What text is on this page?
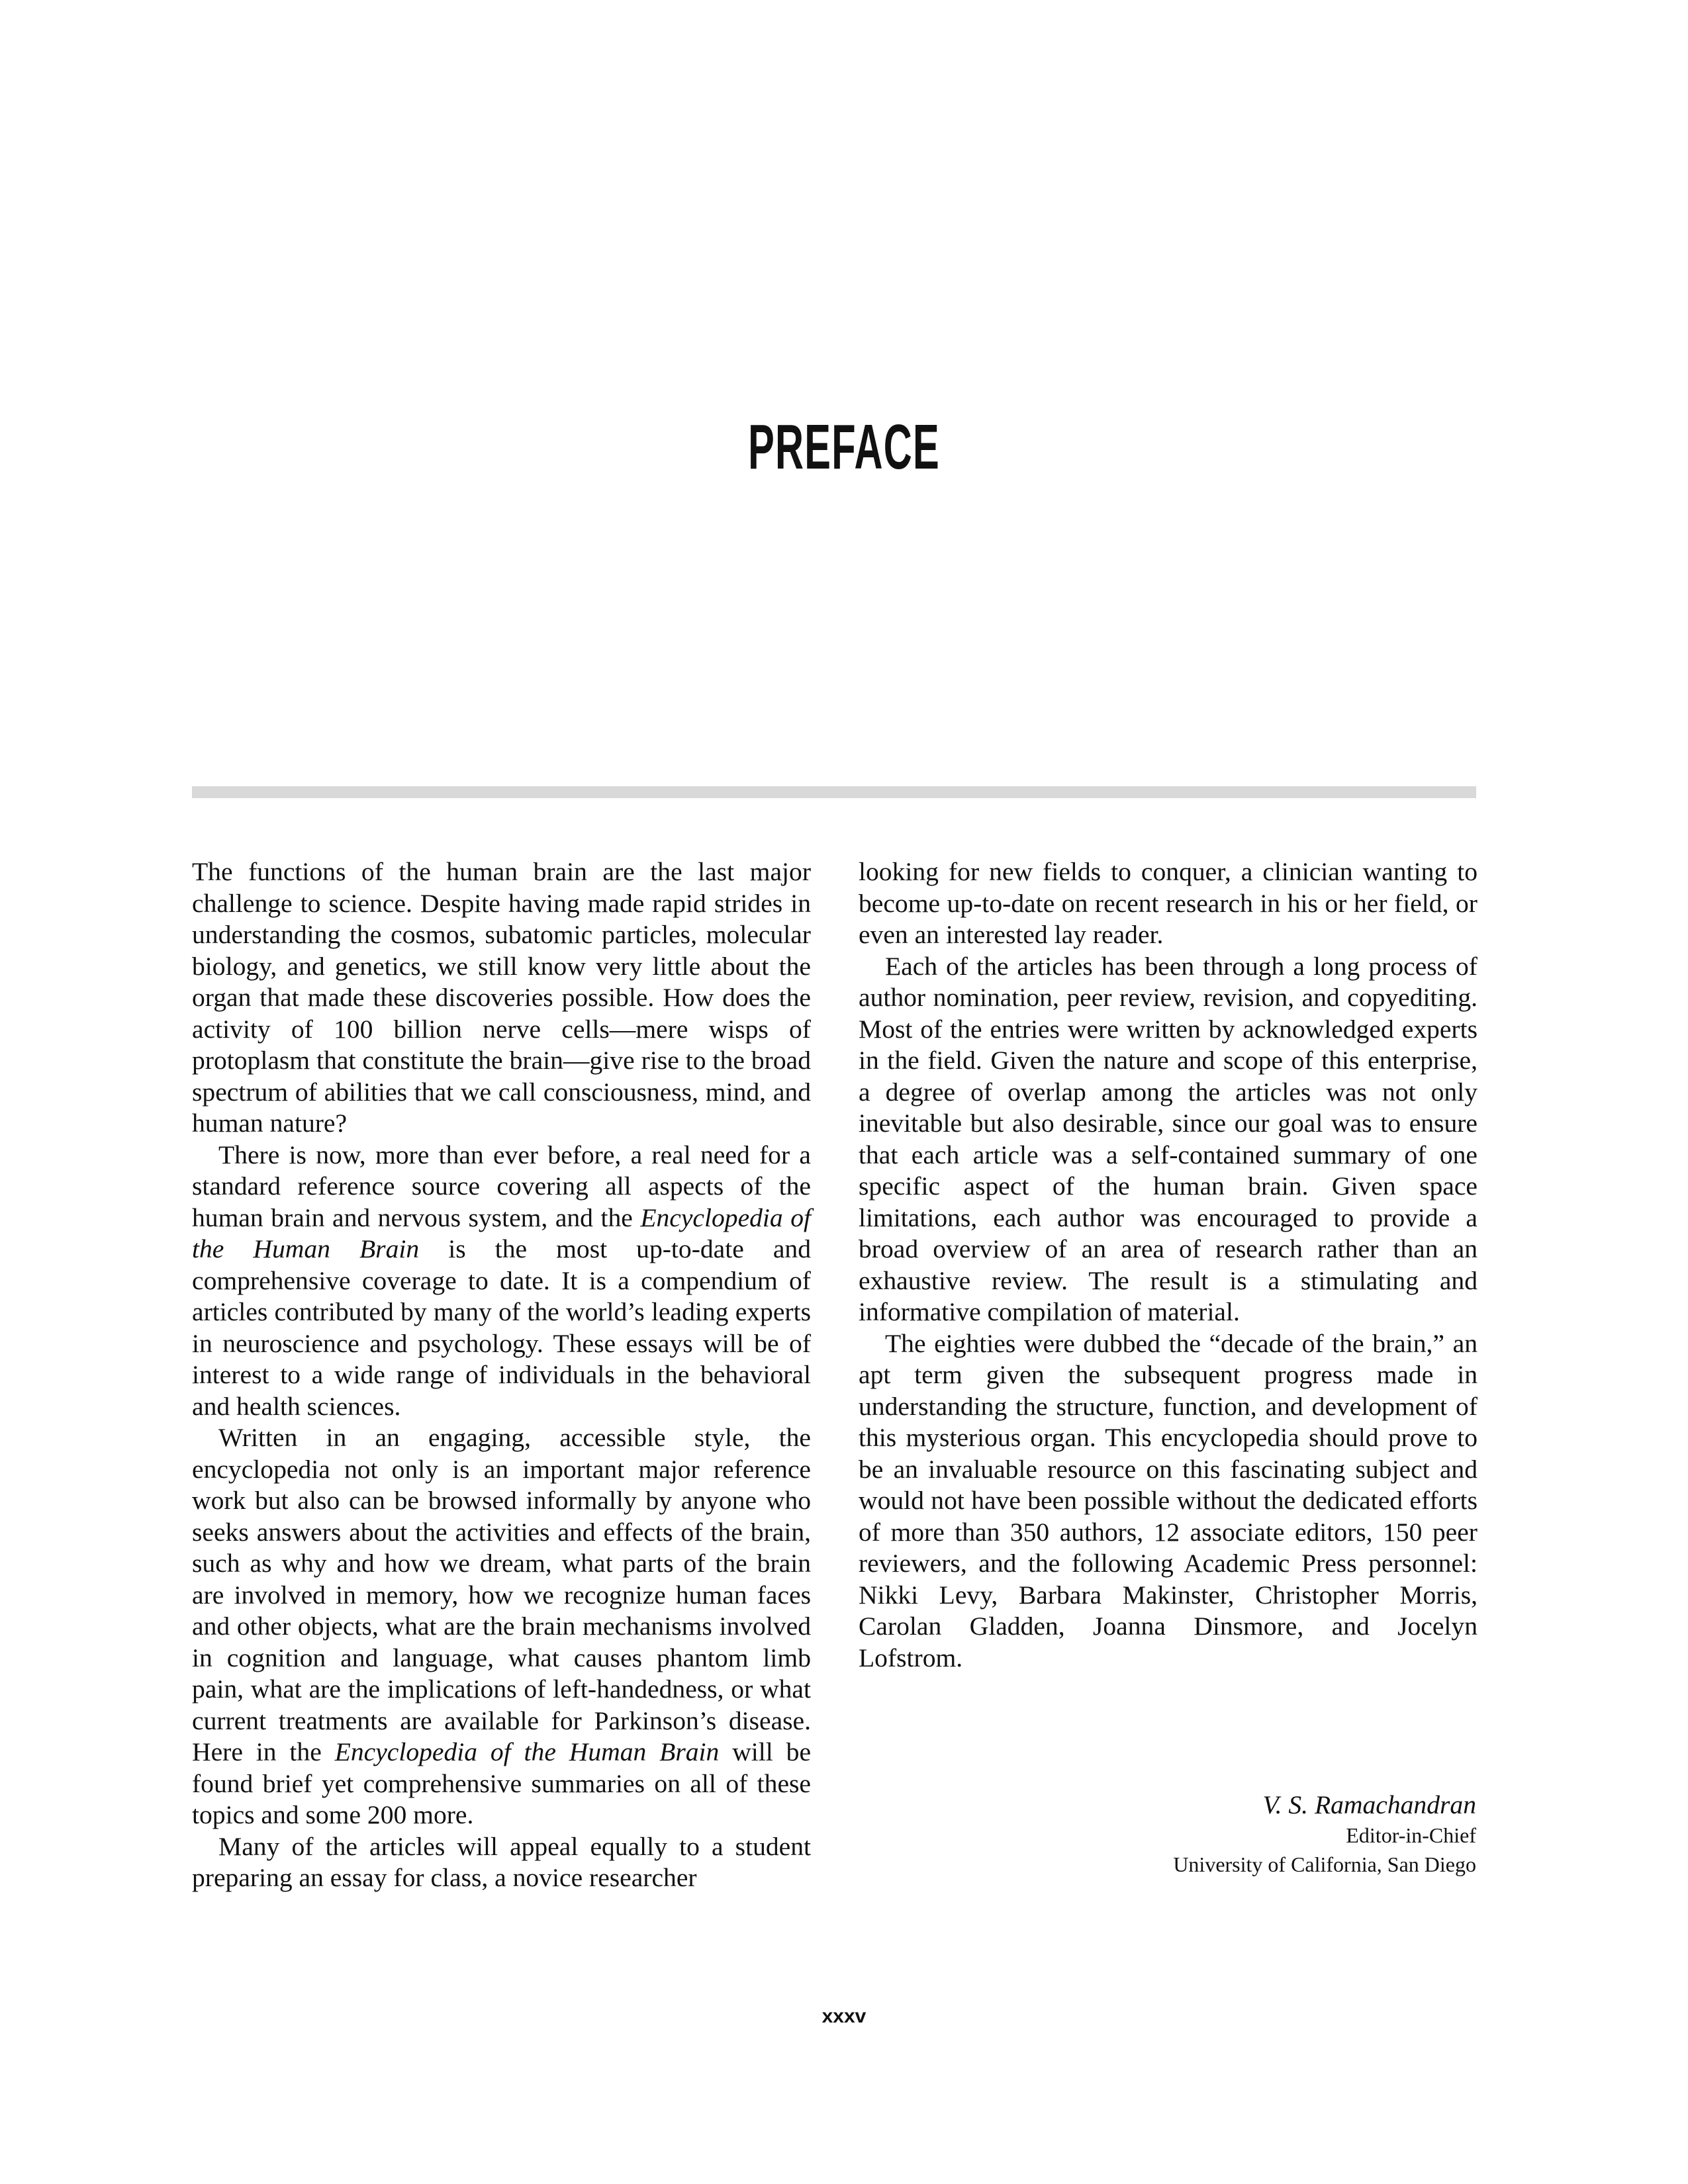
PREFACE

The functions of the human brain are the last major challenge to science. Despite having made rapid strides in understanding the cosmos, subatomic particles, molecular biology, and genetics, we still know very little about the organ that made these discoveries possible. How does the activity of 100 billion nerve cells—mere wisps of protoplasm that constitute the brain—give rise to the broad spectrum of abilities that we call consciousness, mind, and human nature?

There is now, more than ever before, a real need for a standard reference source covering all aspects of the human brain and nervous system, and the Encyclopedia of the Human Brain is the most up-to-date and comprehensive coverage to date. It is a compendium of articles contributed by many of the world’s leading experts in neuroscience and psychology. These essays will be of interest to a wide range of individuals in the behavioral and health sciences.

Written in an engaging, accessible style, the encyclopedia not only is an important major reference work but also can be browsed informally by anyone who seeks answers about the activities and effects of the brain, such as why and how we dream, what parts of the brain are involved in memory, how we recognize human faces and other objects, what are the brain mechanisms involved in cognition and language, what causes phantom limb pain, what are the implications of left-handedness, or what current treatments are available for Parkinson’s disease. Here in the Encyclopedia of the Human Brain will be found brief yet comprehensive summaries on all of these topics and some 200 more.

Many of the articles will appeal equally to a student preparing an essay for class, a novice researcher

looking for new fields to conquer, a clinician wanting to become up-to-date on recent research in his or her field, or even an interested lay reader.

Each of the articles has been through a long process of author nomination, peer review, revision, and copyediting. Most of the entries were written by acknowledged experts in the field. Given the nature and scope of this enterprise, a degree of overlap among the articles was not only inevitable but also desirable, since our goal was to ensure that each article was a self-contained summary of one specific aspect of the human brain. Given space limitations, each author was encouraged to provide a broad overview of an area of research rather than an exhaustive review. The result is a stimulating and informative compilation of material.

The eighties were dubbed the “decade of the brain,” an apt term given the subsequent progress made in understanding the structure, function, and development of this mysterious organ. This encyclopedia should prove to be an invaluable resource on this fascinating subject and would not have been possible without the dedicated efforts of more than 350 authors, 12 associate editors, 150 peer reviewers, and the following Academic Press personnel: Nikki Levy, Barbara Makinster, Christopher Morris, Carolan Gladden, Joanna Dinsmore, and Jocelyn Lofstrom.

V. S. Ramachandran
Editor-in-Chief
University of California, San Diego
xxxv
